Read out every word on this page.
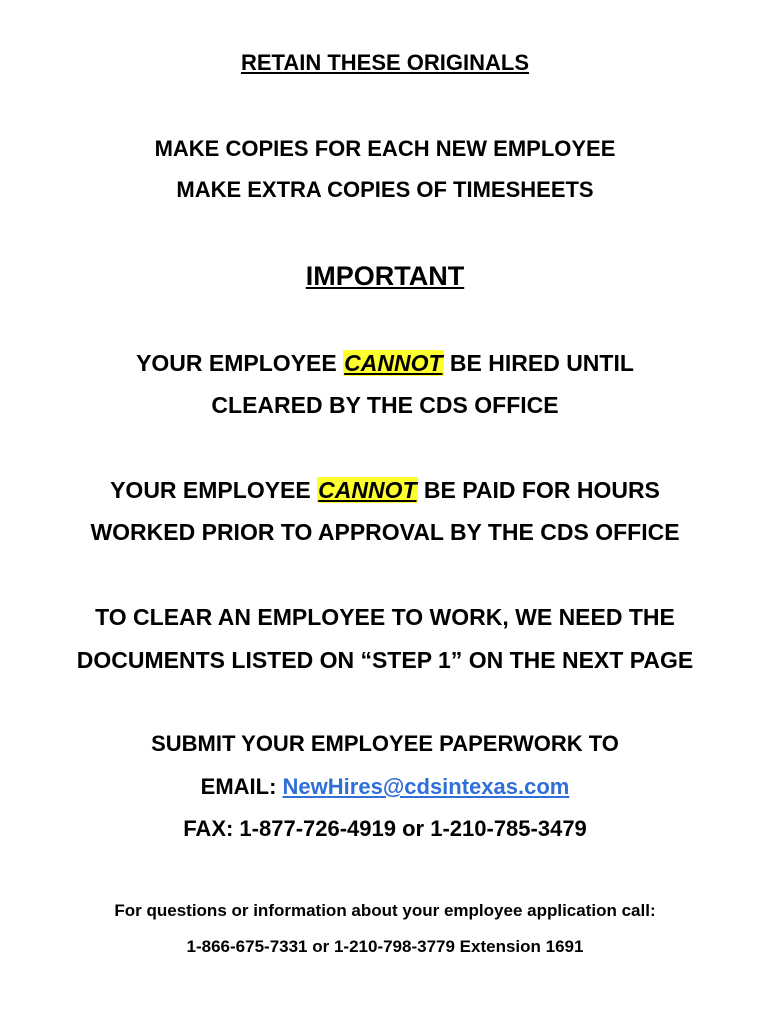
RETAIN THESE ORIGINALS
MAKE COPIES FOR EACH NEW EMPLOYEE
MAKE EXTRA COPIES OF TIMESHEETS
IMPORTANT
YOUR EMPLOYEE CANNOT BE HIRED UNTIL
CLEARED BY THE CDS OFFICE
YOUR EMPLOYEE CANNOT BE PAID FOR HOURS
WORKED PRIOR TO APPROVAL BY THE CDS OFFICE
TO CLEAR AN EMPLOYEE TO WORK, WE NEED THE
DOCUMENTS LISTED ON “STEP 1” ON THE NEXT PAGE
SUBMIT YOUR EMPLOYEE PAPERWORK TO
EMAIL: NewHires@cdsintexas.com
FAX: 1-877-726-4919 or 1-210-785-3479
For questions or information about your employee application call:
1-866-675-7331 or 1-210-798-3779 Extension 1691
